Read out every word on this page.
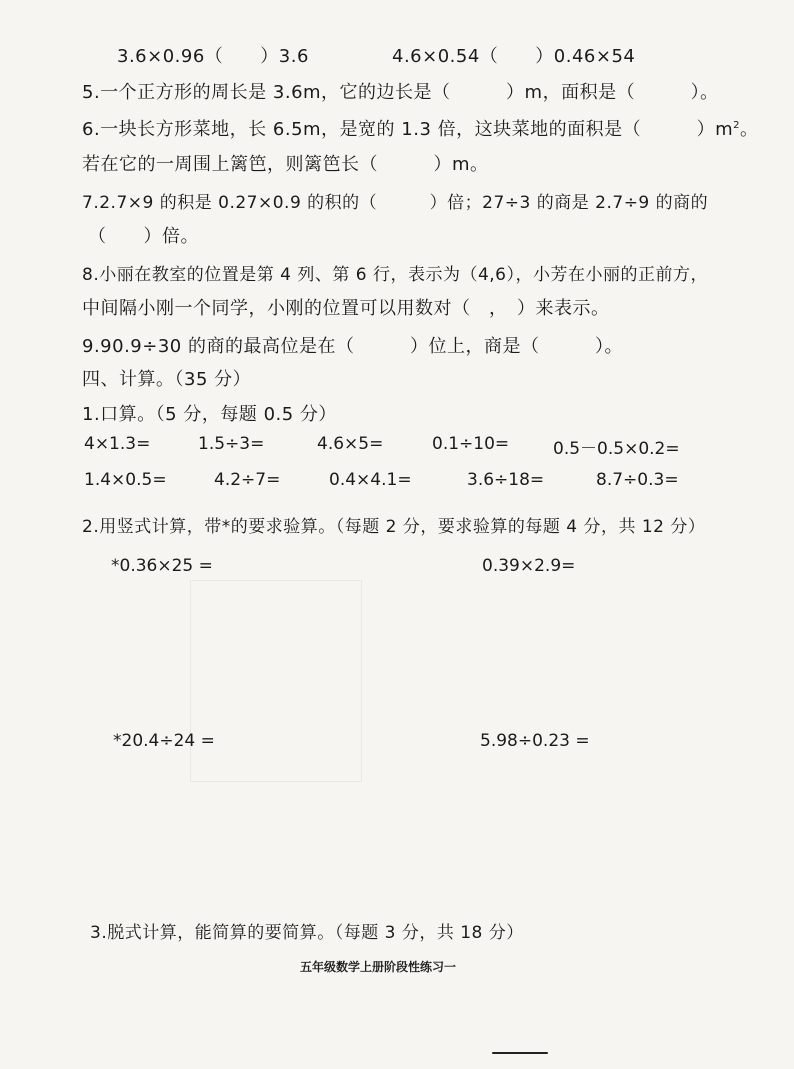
3.6×0.96（　　）3.6	4.6×0.54（　　）0.46×54
5.一个正方形的周长是 3.6m，它的边长是（　　　）m，面积是（　　　）。
6.一块长方形菜地，长 6.5m，是宽的 1.3 倍，这块菜地的面积是（　　　）$m^2$。
若在它的一周围上篱笆，则篱笆长（　　　）m。
7.2.7×9 的积是 0.27×0.9 的积的（　　　）倍；27÷3 的商是 2.7÷9 的商的
（　　）倍。
8.小丽在教室的位置是第 4 列、第 6 行，表示为（4,6），小芳在小丽的正前方，
中间隔小刚一个同学，小刚的位置可以用数对（　，　）来表示。
9.90.9÷30 的商的最高位是在（　　　）位上，商是（　　　）。
四、计算。（35 分）
1.口算。（5 分，每题 0.5 分）
4×1.3=	1.5÷3=	4.6×5=	0.1÷10=	0.5－0.5×0.2=
1.4×0.5=	4.2÷7=	0.4×4.1=	3.6÷18=	8.7÷0.3=
2.用竖式计算，带*的要求验算。（每题 2 分，要求验算的每题 4 分，共 12 分）
*0.36×25 =	0.39×2.9=
*20.4÷24 =	5.98÷0.23 =
3.脱式计算，能简算的要简算。（每题 3 分，共 18 分）
五年级数学上册阶段性练习一
